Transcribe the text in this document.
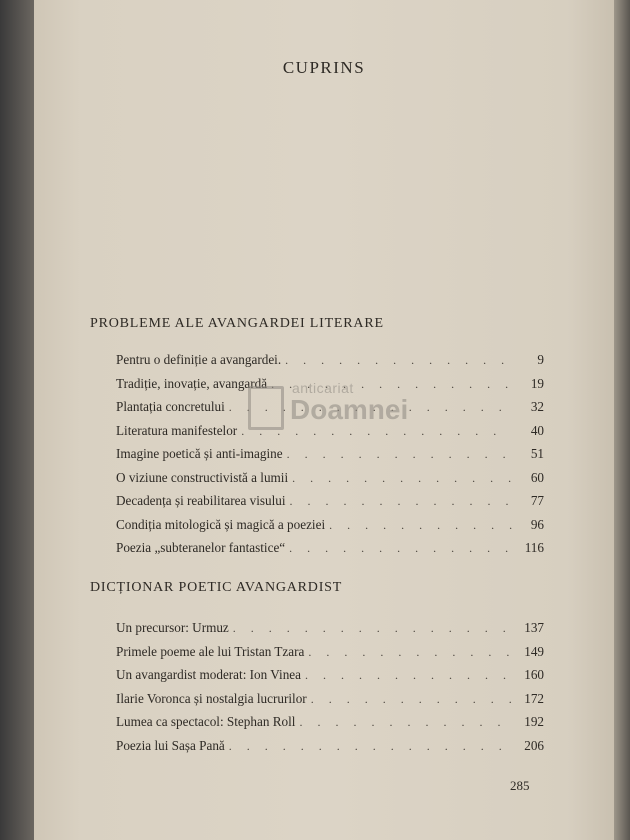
CUPRINS
PROBLEME ALE AVANGARDEI LITERARE
Pentru o definiție a avangardei. . . .	9
Tradiție, inovație, avangardă . . .	19
Plantația concretului . . .	32
Literatura manifestelor . . .	40
Imagine poetică și anti-imagine . . .	51
O viziune constructivistă a lumii . . .	60
Decadența și reabilitarea visului . . .	77
Condiția mitologică și magică a poeziei . . .	96
Poezia „subteranelor fantastice“ . . .	116
DICȚIONAR POETIC AVANGARDIST
Un precursor: Urmuz . . .	137
Primele poeme ale lui Tristan Tzara . . .	149
Un avangardist moderat: Ion Vinea . . .	160
Ilarie Voronca și nostalgia lucrurilor . . .	172
Lumea ca spectacol: Stephan Roll . . .	192
Poezia lui Sașa Pană . . .	206
285
anticariat
Doamnei
